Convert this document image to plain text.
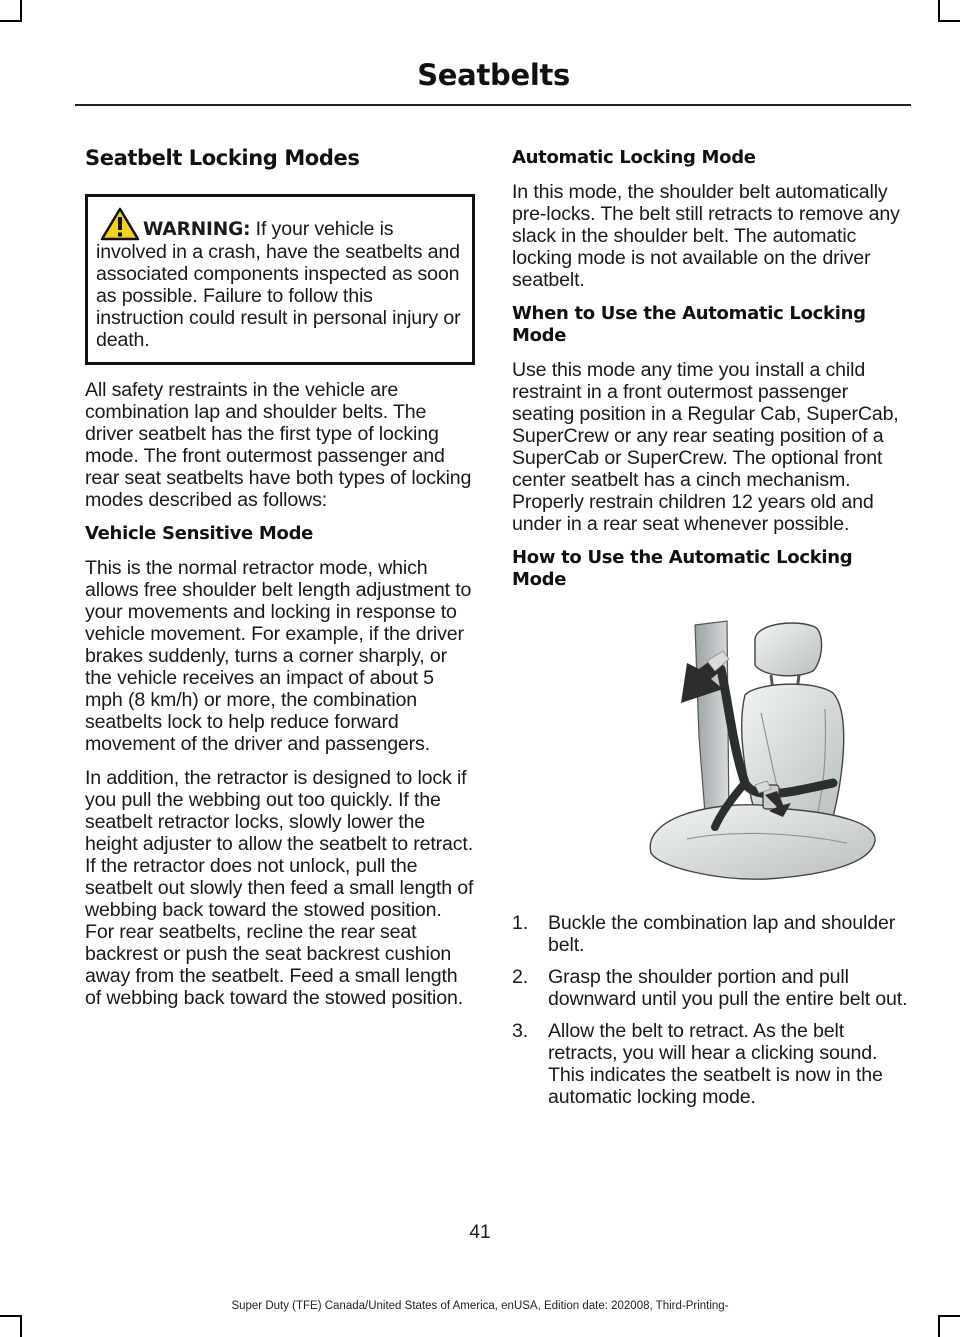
Seatbelts
Seatbelt Locking Modes
WARNING: If your vehicle is involved in a crash, have the seatbelts and associated components inspected as soon as possible. Failure to follow this instruction could result in personal injury or death.

All safety restraints in the vehicle are combination lap and shoulder belts. The driver seatbelt has the first type of locking mode. The front outermost passenger and rear seat seatbelts have both types of locking modes described as follows:

Vehicle Sensitive Mode

This is the normal retractor mode, which allows free shoulder belt length adjustment to your movements and locking in response to vehicle movement. For example, if the driver brakes suddenly, turns a corner sharply, or the vehicle receives an impact of about 5 mph (8 km/h) or more, the combination seatbelts lock to help reduce forward movement of the driver and passengers.

In addition, the retractor is designed to lock if you pull the webbing out too quickly. If the seatbelt retractor locks, slowly lower the height adjuster to allow the seatbelt to retract. If the retractor does not unlock, pull the seatbelt out slowly then feed a small length of webbing back toward the stowed position. For rear seatbelts, recline the rear seat backrest or push the seat backrest cushion away from the seatbelt. Feed a small length of webbing back toward the stowed position.

Automatic Locking Mode

In this mode, the shoulder belt automatically pre-locks. The belt still retracts to remove any slack in the shoulder belt. The automatic locking mode is not available on the driver seatbelt.

When to Use the Automatic Locking Mode

Use this mode any time you install a child restraint in a front outermost passenger seating position in a Regular Cab, SuperCab, SuperCrew or any rear seating position of a SuperCab or SuperCrew. The optional front center seatbelt has a cinch mechanism. Properly restrain children 12 years old and under in a rear seat whenever possible.

How to Use the Automatic Locking Mode
1. Buckle the combination lap and shoulder belt.
2. Grasp the shoulder portion and pull downward until you pull the entire belt out.
3. Allow the belt to retract. As the belt retracts, you will hear a clicking sound. This indicates the seatbelt is now in the automatic locking mode.
41
Super Duty (TFE) Canada/United States of America, enUSA, Edition date: 202008, Third-Printing-
